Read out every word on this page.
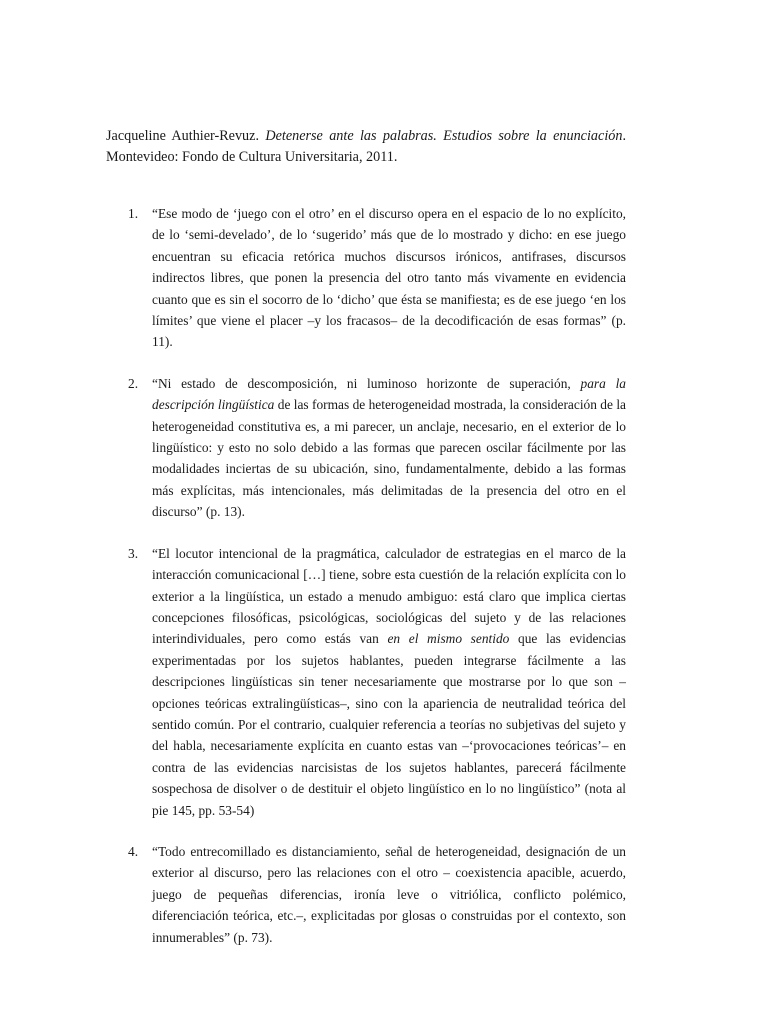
Jacqueline Authier-Revuz. Detenerse ante las palabras. Estudios sobre la enunciación. Montevideo: Fondo de Cultura Universitaria, 2011.

1. “Ese modo de ‘juego con el otro’ en el discurso opera en el espacio de lo no explícito, de lo ‘semi-develado’, de lo ‘sugerido’ más que de lo mostrado y dicho: en ese juego encuentran su eficacia retórica muchos discursos irónicos, antifrases, discursos indirectos libres, que ponen la presencia del otro tanto más vivamente en evidencia cuanto que es sin el socorro de lo ‘dicho’ que ésta se manifiesta; es de ese juego ‘en los límites’ que viene el placer –y los fracasos– de la decodificación de esas formas” (p. 11).
2. “Ni estado de descomposición, ni luminoso horizonte de superación, para la descripción lingüística de las formas de heterogeneidad mostrada, la consideración de la heterogeneidad constitutiva es, a mi parecer, un anclaje, necesario, en el exterior de lo lingüístico: y esto no solo debido a las formas que parecen oscilar fácilmente por las modalidades inciertas de su ubicación, sino, fundamentalmente, debido a las formas más explícitas, más intencionales, más delimitadas de la presencia del otro en el discurso” (p. 13).
3. “El locutor intencional de la pragmática, calculador de estrategias en el marco de la interacción comunicacional […] tiene, sobre esta cuestión de la relación explícita con lo exterior a la lingüística, un estado a menudo ambiguo: está claro que implica ciertas concepciones filosóficas, psicológicas, sociológicas del sujeto y de las relaciones interindividuales, pero como estás van en el mismo sentido que las evidencias experimentadas por los sujetos hablantes, pueden integrarse fácilmente a las descripciones lingüísticas sin tener necesariamente que mostrarse por lo que son –opciones teóricas extralingüísticas–, sino con la apariencia de neutralidad teórica del sentido común. Por el contrario, cualquier referencia a teorías no subjetivas del sujeto y del habla, necesariamente explícita en cuanto estas van –‘provocaciones teóricas’– en contra de las evidencias narcisistas de los sujetos hablantes, parecerá fácilmente sospechosa de disolver o de destituir el objeto lingüístico en lo no lingüístico” (nota al pie 145, pp. 53-54)
4. “Todo entrecomillado es distanciamiento, señal de heterogeneidad, designación de un exterior al discurso, pero las relaciones con el otro – coexistencia apacible, acuerdo, juego de pequeñas diferencias, ironía leve o vitriólica, conflicto polémico, diferenciación teórica, etc.–, explicitadas por glosas o construidas por el contexto, son innumerables” (p. 73).
